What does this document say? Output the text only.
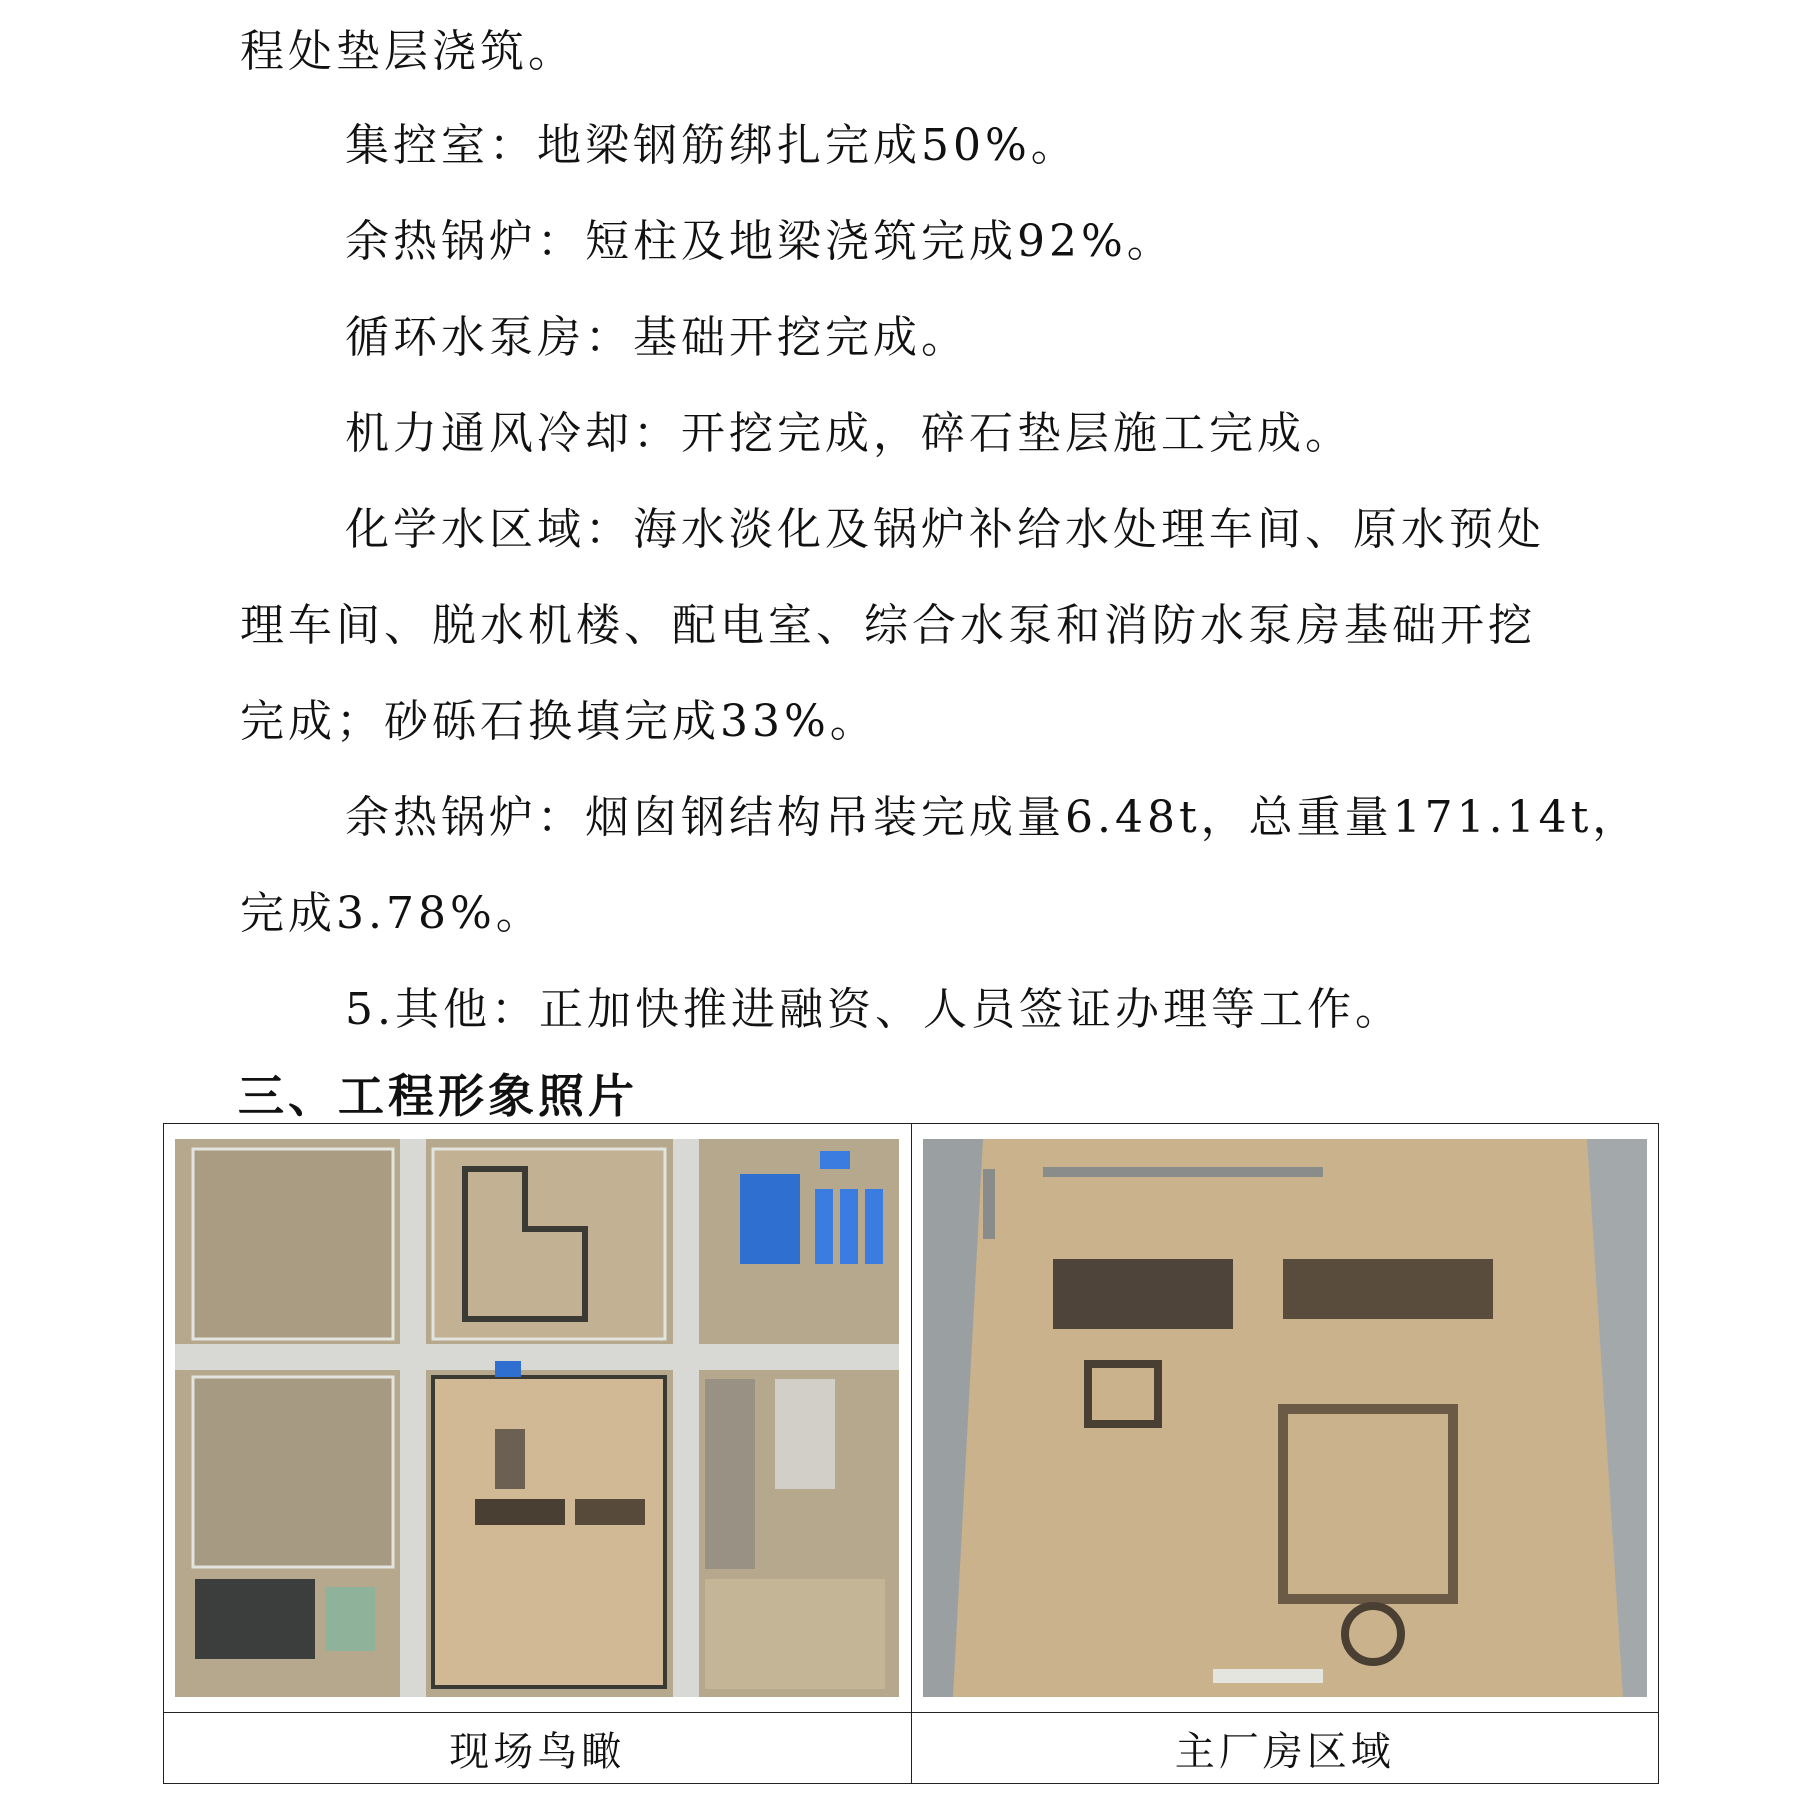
程处垫层浇筑。
集控室：地梁钢筋绑扎完成50%。
余热锅炉：短柱及地梁浇筑完成92%。
循环水泵房：基础开挖完成。
机力通风冷却：开挖完成，碎石垫层施工完成。
化学水区域：海水淡化及锅炉补给水处理车间、原水预处
理车间、脱水机楼、配电室、综合水泵和消防水泵房基础开挖
完成；砂砾石换填完成33%。
余热锅炉：烟囱钢结构吊装完成量6.48t，总重量171.14t，
完成3.78%。
5.其他：正加快推进融资、人员签证办理等工作。
三、工程形象照片

现场鸟瞰	主厂房区域
